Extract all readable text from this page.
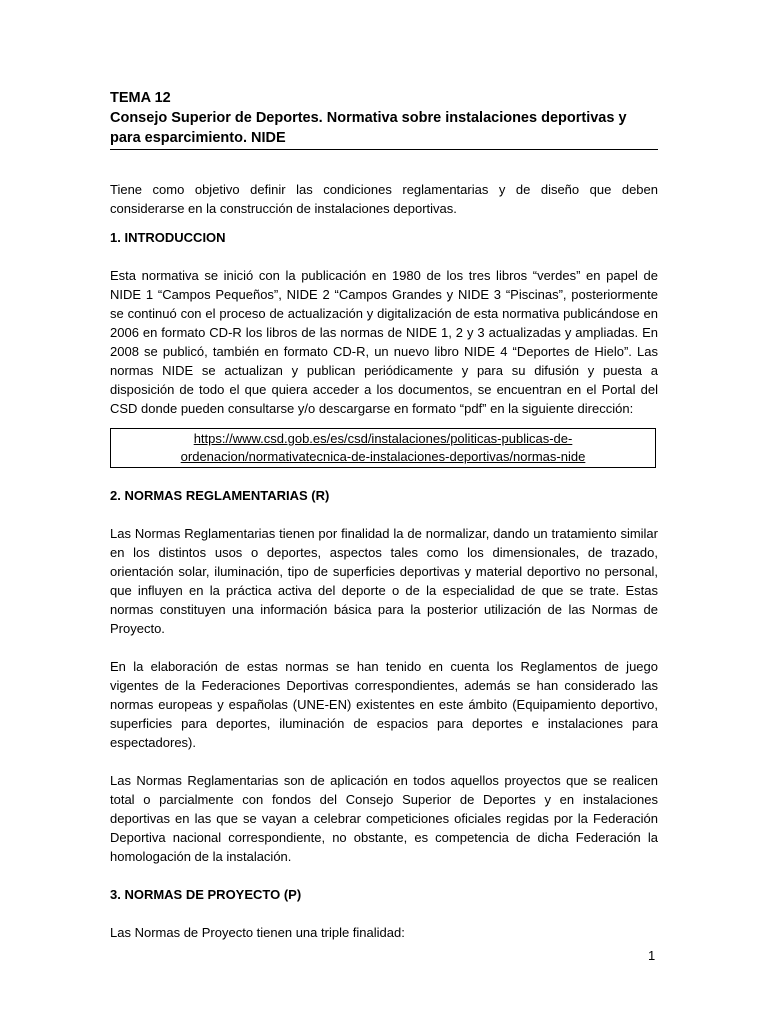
TEMA 12
Consejo Superior de Deportes. Normativa sobre instalaciones deportivas y para esparcimiento. NIDE

Tiene como objetivo definir las condiciones reglamentarias y de diseño que deben considerarse en la construcción de instalaciones deportivas.

1. INTRODUCCION

Esta normativa se inició con la publicación en 1980 de los tres libros “verdes” en papel de NIDE 1 “Campos Pequeños”, NIDE 2 “Campos Grandes y NIDE 3 “Piscinas”, posteriormente se continuó con el proceso de actualización y digitalización de esta normativa publicándose en 2006 en formato CD-R los libros de las normas de NIDE 1, 2 y 3 actualizadas y ampliadas. En 2008 se publicó, también en formato CD-R, un nuevo libro NIDE 4 “Deportes de Hielo”. Las normas NIDE se actualizan y publican periódicamente y para su difusión y puesta a disposición de todo el que quiera acceder a los documentos, se encuentran en el Portal del CSD donde pueden consultarse y/o descargarse en formato “pdf” en la siguiente dirección:

https://www.csd.gob.es/es/csd/instalaciones/politicas-publicas-de-
ordenacion/normativatecnica-de-instalaciones-deportivas/normas-nide
2. NORMAS REGLAMENTARIAS (R)

Las Normas Reglamentarias tienen por finalidad la de normalizar, dando un tratamiento similar en los distintos usos o deportes, aspectos tales como los dimensionales, de trazado, orientación solar, iluminación, tipo de superficies deportivas y material deportivo no personal, que influyen en la práctica activa del deporte o de la especialidad de que se trate. Estas normas constituyen una información básica para la posterior utilización de las Normas de Proyecto.

En la elaboración de estas normas se han tenido en cuenta los Reglamentos de juego vigentes de la Federaciones Deportivas correspondientes, además se han considerado las normas europeas y españolas (UNE-EN) existentes en este ámbito (Equipamiento deportivo, superficies para deportes, iluminación de espacios para deportes e instalaciones para espectadores).

Las Normas Reglamentarias son de aplicación en todos aquellos proyectos que se realicen total o parcialmente con fondos del Consejo Superior de Deportes y en instalaciones deportivas en las que se vayan a celebrar competiciones oficiales regidas por la Federación Deportiva nacional correspondiente, no obstante, es competencia de dicha Federación la homologación de la instalación.

3. NORMAS DE PROYECTO (P)

Las Normas de Proyecto tienen una triple finalidad:

1
